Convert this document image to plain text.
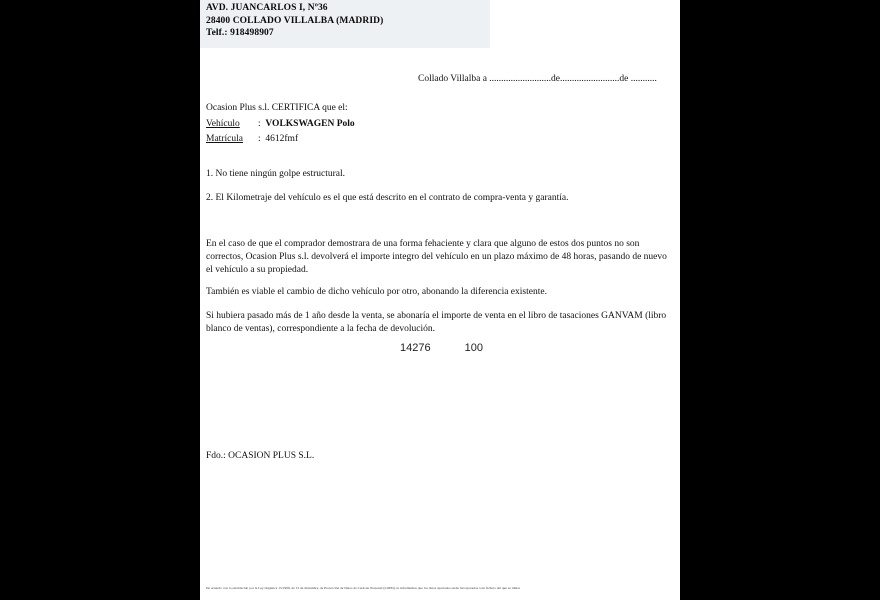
AVD. JUANCARLOS I, Nº36
28400 COLLADO VILLALBA (MADRID)
Telf.: 918498907
Collado Villalba a ..........................de.........................de ...........
Ocasion Plus s.l. CERTIFICA que el:
Vehículo : VOLKSWAGEN Polo
Matrícula : 4612fmf
1. No tiene ningún golpe estructural.
2. El Kilometraje del vehículo es el que está descrito en el contrato de compra-venta y garantía.
En el caso de que el comprador demostrara de una forma fehaciente y clara que alguno de estos dos puntos no son correctos, Ocasion Plus s.l. devolverá el importe integro del vehículo en un plazo máximo de 48 horas, pasando de nuevo el vehículo a su propiedad.
También es viable el cambio de dicho vehículo por otro, abonando la diferencia existente.
Si hubiera pasado más de 1 año desde la venta, se abonaría el importe de venta en el libro de tasaciones GANVAM (libro blanco de ventas), correspondiente a la fecha de devolución.
14276	100
Fdo.: OCASION PLUS S.L.
De acuerdo con lo establecido por la Ley Orgánica 15/1999, de 13 de diciembre, de Protección de Datos de Carácter Personal (LOPD), le informamos que los datos aportados serán incorporados a un fichero del que es titular
